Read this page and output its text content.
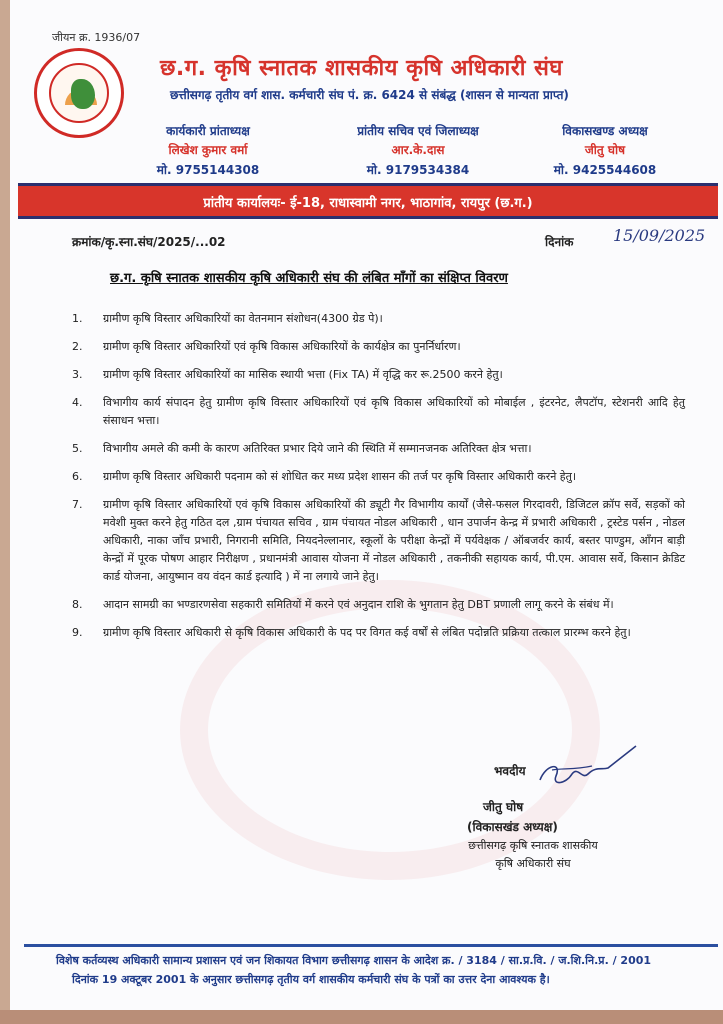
जीयन क्र. 1936/07
छ.ग. कृषि स्नातक शासकीय कृषि अधिकारी संघ
छत्तीसगढ़ तृतीय वर्ग शास. कर्मचारी संघ पं. क्र. 6424 से संबंद्ध (शासन से मान्यता प्राप्त)
कार्यकारी प्रांताध्यक्ष
लिखेश कुमार वर्मा
मो. 9755144308
प्रांतीय सचिव एवं जिलाध्यक्ष
आर.के.दास
मो. 9179534384
विकासखण्ड अध्यक्ष
जीतु घोष
मो. 9425544608
प्रांतीय कार्यालयः- ई-18, राधास्वामी नगर, भाठागांव, रायपुर (छ.ग.)
क्रमांक/कृ.स्ना.संघ/2025/...02	दिनांक 15/09/2025
छ.ग. कृषि स्नातक शासकीय कृषि अधिकारी संघ की लंबित माँगों का संक्षिप्त विवरण
1.	ग्रामीण कृषि विस्तार अधिकारियों का वेतनमान संशोधन(4300 ग्रेड पे)।
2.	ग्रामीण कृषि विस्तार अधिकारियों एवं कृषि विकास अधिकारियों के कार्यक्षेत्र का पुनर्निर्धारण।
3.	ग्रामीण कृषि विस्तार अधिकारियों का मासिक स्थायी भत्ता (Fix TA) में वृद्धि कर रू.2500 करने हेतु।
4.	विभागीय कार्य संपादन हेतु ग्रामीण कृषि विस्तार अधिकारियों एवं कृषि विकास अधिकारियों को मोबाईल , इंटरनेट, लैपटॉप, स्टेशनरी आदि हेतु संसाधन भत्ता।
5.	विभागीय अमले की कमी के कारण अतिरिक्त प्रभार दिये जाने की स्थिति में सम्मानजनक अतिरिक्त क्षेत्र भत्ता।
6.	ग्रामीण कृषि विस्तार अधिकारी पदनाम को सं शोधित कर मध्य प्रदेश शासन की तर्ज पर कृषि विस्तार अधिकारी करने हेतु।
7.	ग्रामीण कृषि विस्तार अधिकारियों एवं कृषि विकास अधिकारियों की ड्यूटी गैर विभागीय कार्यों (जैसे-फसल गिरदावरी, डिजिटल क्रॉप सर्वे, सड़कों को मवेशी मुक्त करने हेतु गठित दल ,ग्राम पंचायत सचिव , ग्राम पंचायत नोडल अधिकारी , धान उपार्जन केन्द्र में प्रभारी अधिकारी , ट्रस्टेड पर्सन , नोडल अधिकारी, नाका जाँच प्रभारी, निगरानी समिति, नियदनेल्लानार, स्कूलों के परीक्षा केन्द्रों में पर्यवेक्षक / ऑबजर्वर कार्य, बस्तर पाण्डुम, आँगन बाड़ी केन्द्रों में पूरक पोषण आहार निरीक्षण , प्रधानमंत्री आवास योजना में नोडल अधिकारी , तकनीकी सहायक कार्य, पी.एम. आवास सर्वे, किसान क्रेडिट कार्ड योजना, आयुष्मान वय वंदन कार्ड इत्यादि ) में ना लगाये जाने हेतु।
8.	आदान सामग्री का भण्डारणसेवा सहकारी समितियों में करने एवं अनुदान राशि के भुगतान हेतु DBT प्रणाली लागू करने के संबंध में।
9.	ग्रामीण कृषि विस्तार अधिकारी से कृषि विकास अधिकारी के पद पर विगत कई वर्षों से लंबित पदोन्नति प्रक्रिया तत्काल प्रारम्भ करने हेतु।
भवदीय
जीतु घोष
(विकासखंड अध्यक्ष)
छत्तीसगढ़ कृषि स्नातक शासकीय
कृषि अधिकारी संघ
विशेष कर्तव्यस्थ अधिकारी सामान्य प्रशासन एवं जन शिकायत विभाग छत्तीसगढ़ शासन के आदेश क्र. / 3184 / सा.प्र.वि. / ज.शि.नि.प्र. / 2001
दिनांक 19 अक्टूबर 2001 के अनुसार छत्तीसगढ़ तृतीय वर्ग शासकीय कर्मचारी संघ के पत्रों का उत्तर देना आवश्यक है।
